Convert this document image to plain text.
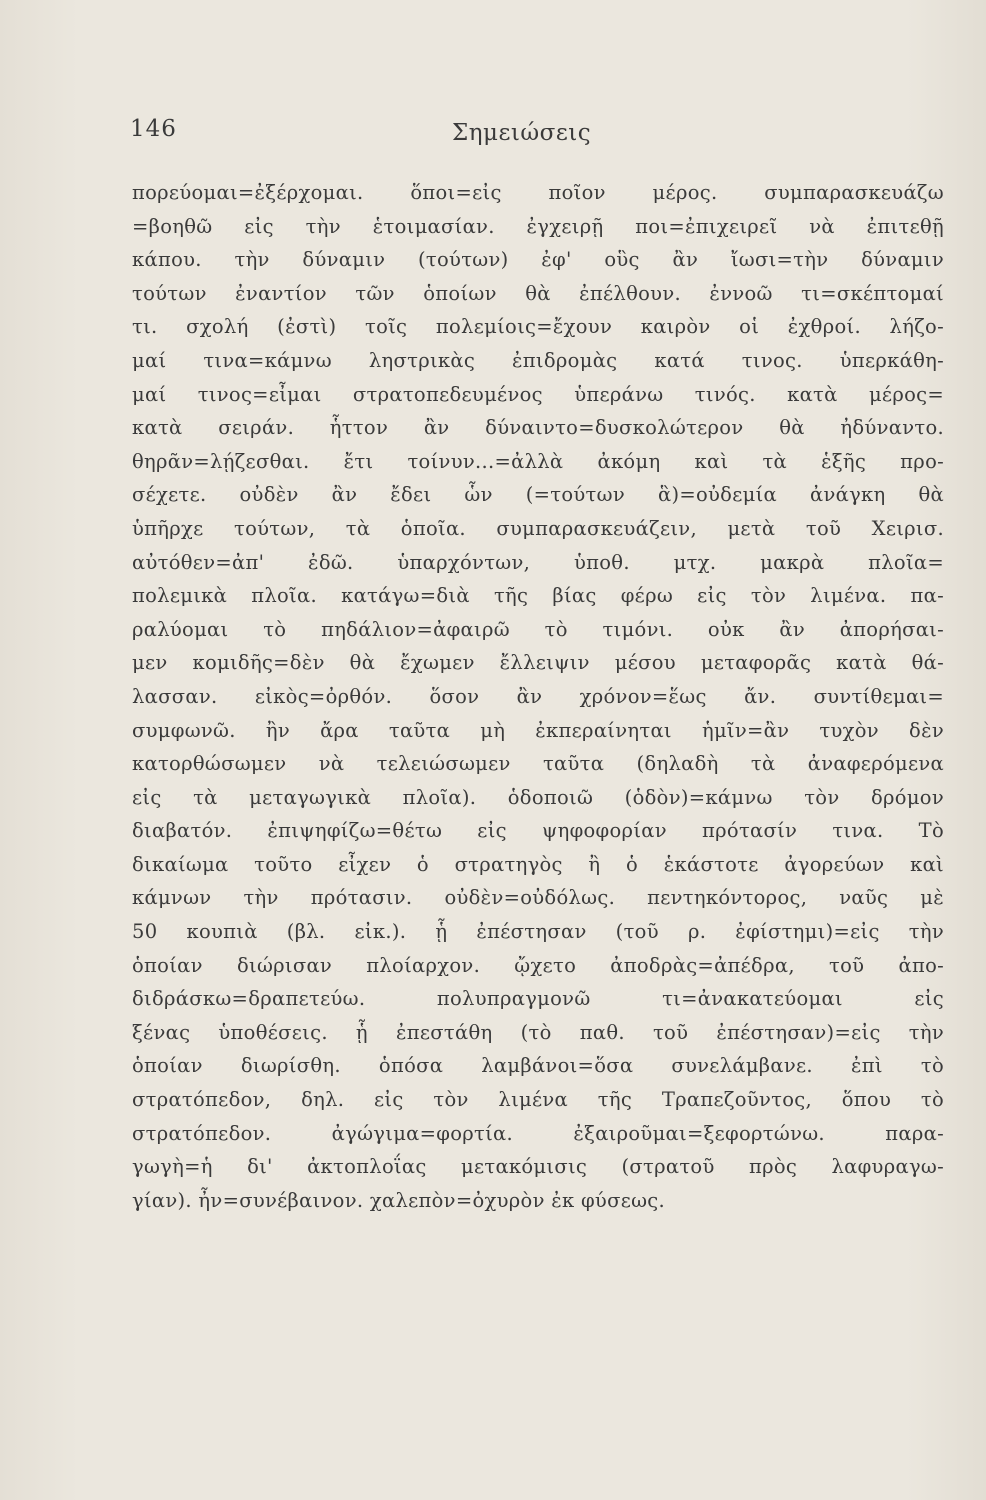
146	Σημειώσεις
πορεύομαι=ἐξέρχομαι. ὅποι=εἰς ποῖον μέρος. συμπαρασκευάζω
=βοηθῶ εἰς τὴν ἑτοιμασίαν. ἐγχειρῇ ποι=ἐπιχειρεῖ νὰ ἐπιτεθῇ
κάπου. τὴν δύναμιν (τούτων) ἐφ' οὓς ἂν ἴωσι=τὴν δύναμιν
τούτων ἐναντίον τῶν ὁποίων θὰ ἐπέλθουν. ἐννοῶ τι=σκέπτομαί
τι. σχολή (ἐστὶ) τοῖς πολεμίοις=ἔχουν καιρὸν οἱ ἐχθροί. λήζο-
μαί τινα=κάμνω ληστρικὰς ἐπιδρομὰς κατά τινος. ὑπερκάθη-
μαί τινος=εἶμαι στρατοπεδευμένος ὑπεράνω τινός. κατὰ μέρος=
κατὰ σειράν. ἧττον ἂν δύναιντο=δυσκολώτερον θὰ ἠδύναντο.
θηρᾶν=λῄζεσθαι. ἔτι τοίνυν...=ἀλλὰ ἀκόμη καὶ τὰ ἑξῆς προ-
σέχετε. οὐδὲν ἂν ἔδει ὧν (=τούτων ἃ)=οὐδεμία ἀνάγκη θὰ
ὑπῆρχε τούτων, τὰ ὁποῖα. συμπαρασκευάζειν, μετὰ τοῦ Χειρισ.
αὐτόθεν=ἀπ' ἐδῶ. ὑπαρχόντων, ὑποθ. μτχ. μακρὰ πλοῖα=
πολεμικὰ πλοῖα. κατάγω=διὰ τῆς βίας φέρω εἰς τὸν λιμένα. πα-
ραλύομαι τὸ πηδάλιον=ἀφαιρῶ τὸ τιμόνι. οὐκ ἂν ἀπορήσαι-
μεν κομιδῆς=δὲν θὰ ἔχωμεν ἔλλειψιν μέσου μεταφορᾶς κατὰ θά-
λασσαν. εἰκὸς=ὀρθόν. ὅσον ἂν χρόνον=ἕως ἄν. συντίθεμαι=
συμφωνῶ. ἢν ἄρα ταῦτα μὴ ἐκπεραίνηται ἡμῖν=ἂν τυχὸν δὲν
κατορθώσωμεν νὰ τελειώσωμεν ταῦτα (δηλαδὴ τὰ ἀναφερόμενα
εἰς τὰ μεταγωγικὰ πλοῖα). ὁδοποιῶ (ὁδὸν)=κάμνω τὸν δρόμον
διαβατόν. ἐπιψηφίζω=θέτω εἰς ψηφοφορίαν πρότασίν τινα. Τὸ
δικαίωμα τοῦτο εἶχεν ὁ στρατηγὸς ἢ ὁ ἑκάστοτε ἀγορεύων καὶ
κάμνων τὴν πρότασιν. οὐδὲν=οὐδόλως. πεντηκόντορος, ναῦς μὲ
50 κουπιὰ (βλ. εἰκ.). ᾗ ἐπέστησαν (τοῦ ρ. ἐφίστημι)=εἰς τὴν
ὁποίαν διώρισαν πλοίαρχον. ᾤχετο ἀποδρὰς=ἀπέδρα, τοῦ ἀπο-
διδράσκω=δραπετεύω. πολυπραγμονῶ τι=ἀνακατεύομαι εἰς
ξένας ὑποθέσεις. ᾗ ἐπεστάθη (τὸ παθ. τοῦ ἐπέστησαν)=εἰς τὴν
ὁποίαν διωρίσθη. ὁπόσα λαμβάνοι=ὅσα συνελάμβανε. ἐπὶ τὸ
στρατόπεδον, δηλ. εἰς τὸν λιμένα τῆς Τραπεζοῦντος, ὅπου τὸ
στρατόπεδον. ἀγώγιμα=φορτία. ἐξαιροῦμαι=ξεφορτώνω. παρα-
γωγὴ=ἡ δι' ἀκτοπλοΐας μετακόμισις (στρατοῦ πρὸς λαφυραγω-
γίαν). ἦν=συνέβαινον. χαλεπὸν=ὀχυρὸν ἐκ φύσεως.
